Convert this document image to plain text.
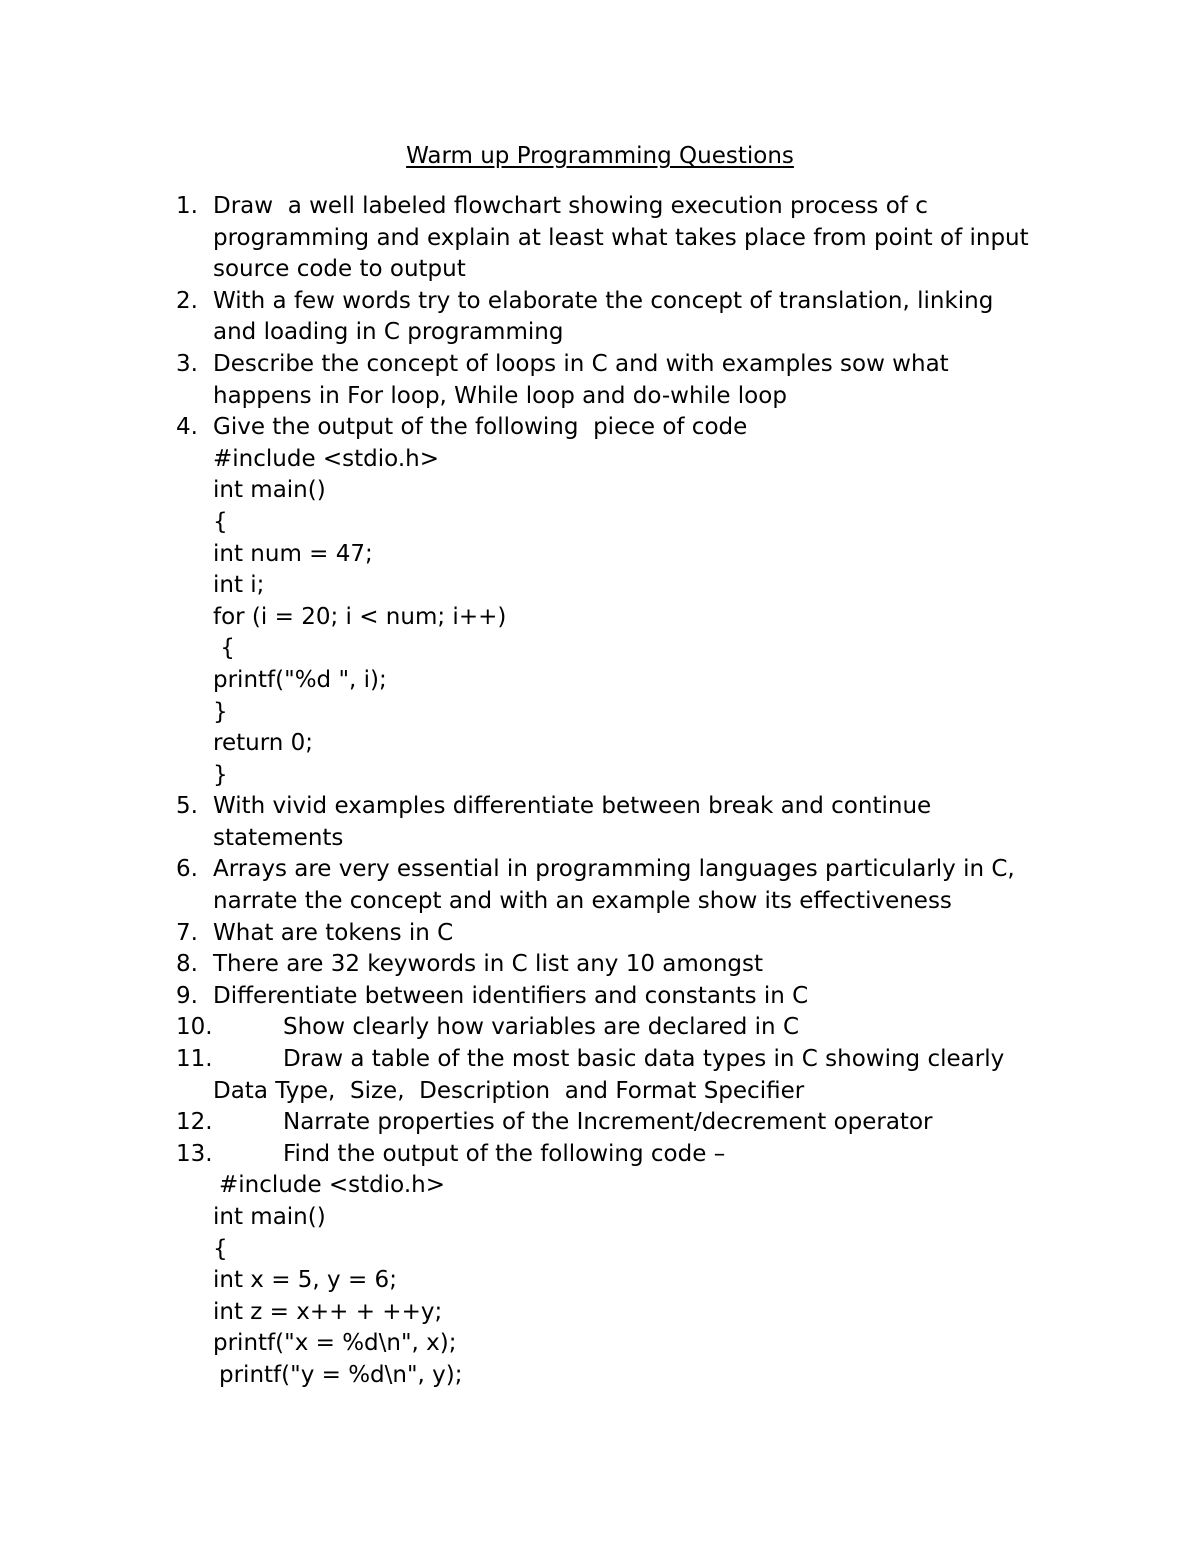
Warm up Programming Questions
1. Draw  a well labeled flowchart showing execution process of c
programming and explain at least what takes place from point of input
source code to output
2. With a few words try to elaborate the concept of translation, linking
and loading in C programming
3. Describe the concept of loops in C and with examples sow what
happens in For loop, While loop and do-while loop
4. Give the output of the following  piece of code
#include <stdio.h>
int main()
{
int num = 47;
int i;
for (i = 20; i < num; i++)
{
printf("%d ", i);
}
return 0;
}
5. With vivid examples differentiate between break and continue
statements
6. Arrays are very essential in programming languages particularly in C,
narrate the concept and with an example show its effectiveness
7. What are tokens in C
8. There are 32 keywords in C list any 10 amongst
9. Differentiate between identifiers and constants in C
10.	Show clearly how variables are declared in C
11.	Draw a table of the most basic data types in C showing clearly
Data Type,  Size,  Description  and Format Specifier
12.	Narrate properties of the Increment/decrement operator
13.	Find the output of the following code –
#include <stdio.h>
int main()
{
int x = 5, y = 6;
int z = x++ + ++y;
printf("x = %d\n", x);
printf("y = %d\n", y);
